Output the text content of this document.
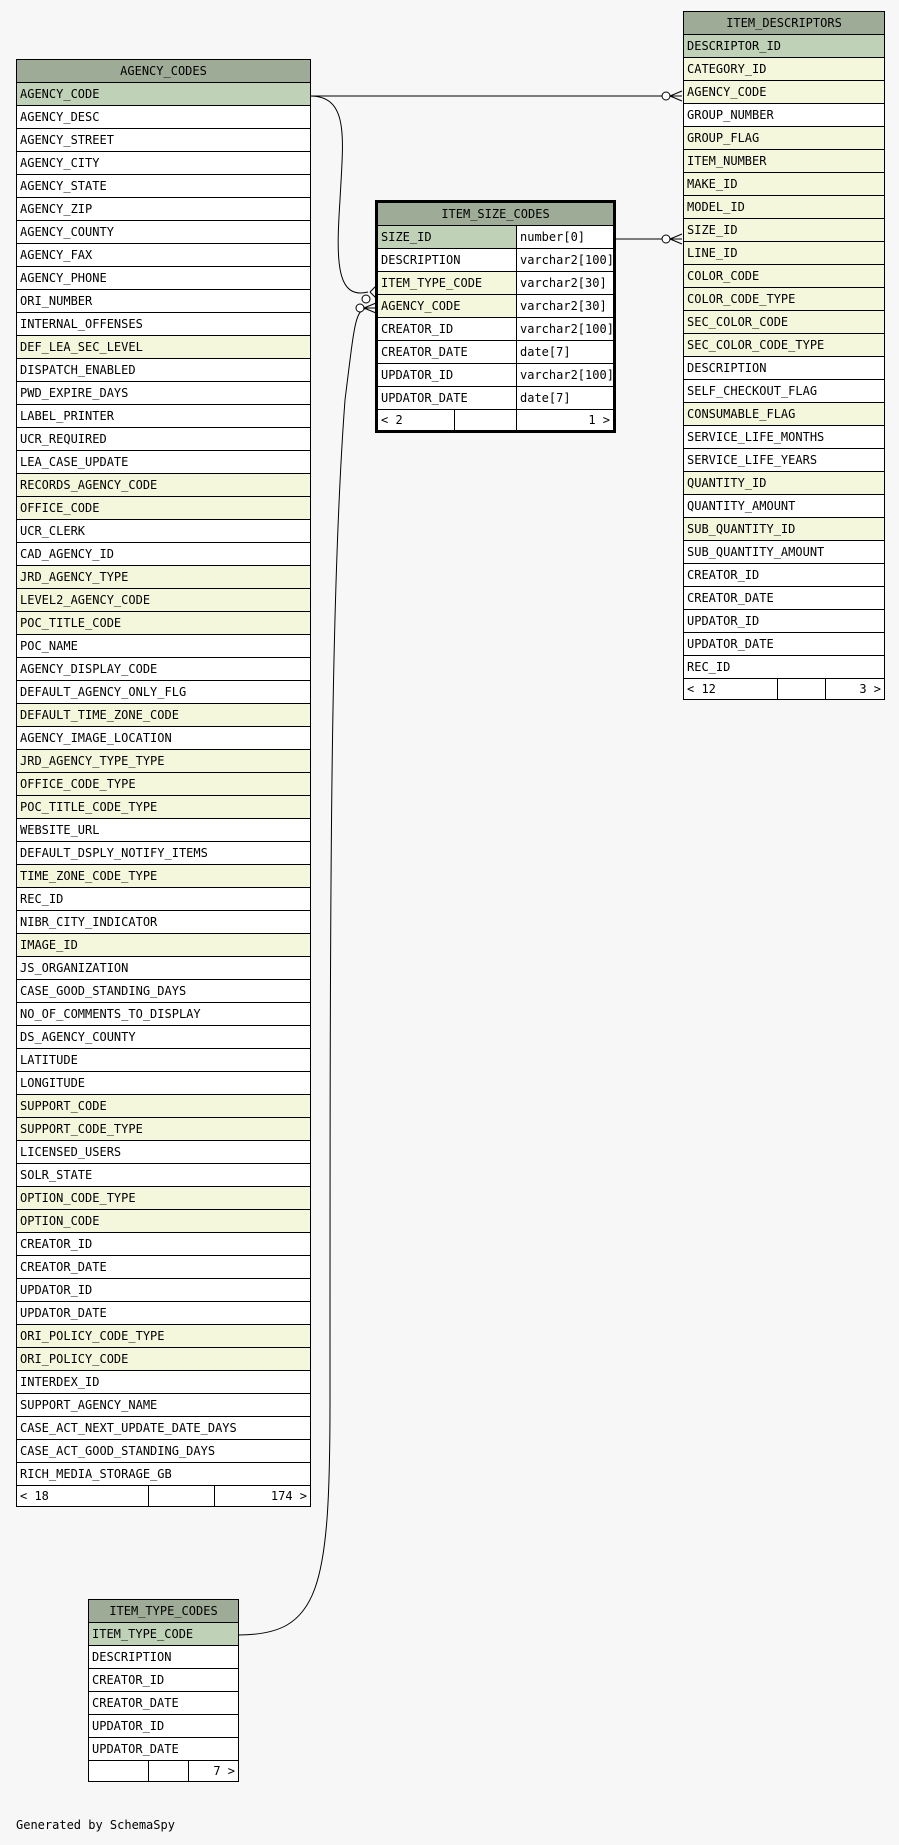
AGENCY_CODES
AGENCY_CODE
AGENCY_DESC
AGENCY_STREET
AGENCY_CITY
AGENCY_STATE
AGENCY_ZIP
AGENCY_COUNTY
AGENCY_FAX
AGENCY_PHONE
ORI_NUMBER
INTERNAL_OFFENSES
DEF_LEA_SEC_LEVEL
DISPATCH_ENABLED
PWD_EXPIRE_DAYS
LABEL_PRINTER
UCR_REQUIRED
LEA_CASE_UPDATE
RECORDS_AGENCY_CODE
OFFICE_CODE
UCR_CLERK
CAD_AGENCY_ID
JRD_AGENCY_TYPE
LEVEL2_AGENCY_CODE
POC_TITLE_CODE
POC_NAME
AGENCY_DISPLAY_CODE
DEFAULT_AGENCY_ONLY_FLG
DEFAULT_TIME_ZONE_CODE
AGENCY_IMAGE_LOCATION
JRD_AGENCY_TYPE_TYPE
OFFICE_CODE_TYPE
POC_TITLE_CODE_TYPE
WEBSITE_URL
DEFAULT_DSPLY_NOTIFY_ITEMS
TIME_ZONE_CODE_TYPE
REC_ID
NIBR_CITY_INDICATOR
IMAGE_ID
JS_ORGANIZATION
CASE_GOOD_STANDING_DAYS
NO_OF_COMMENTS_TO_DISPLAY
DS_AGENCY_COUNTY
LATITUDE
LONGITUDE
SUPPORT_CODE
SUPPORT_CODE_TYPE
LICENSED_USERS
SOLR_STATE
OPTION_CODE_TYPE
OPTION_CODE
CREATOR_ID
CREATOR_DATE
UPDATOR_ID
UPDATOR_DATE
ORI_POLICY_CODE_TYPE
ORI_POLICY_CODE
INTERDEX_ID
SUPPORT_AGENCY_NAME
CASE_ACT_NEXT_UPDATE_DATE_DAYS
CASE_ACT_GOOD_STANDING_DAYS
RICH_MEDIA_STORAGE_GB
< 18		174 >
ITEM_DESCRIPTORS
DESCRIPTOR_ID
CATEGORY_ID
AGENCY_CODE
GROUP_NUMBER
GROUP_FLAG
ITEM_NUMBER
MAKE_ID
MODEL_ID
SIZE_ID
LINE_ID
COLOR_CODE
COLOR_CODE_TYPE
SEC_COLOR_CODE
SEC_COLOR_CODE_TYPE
DESCRIPTION
SELF_CHECKOUT_FLAG
CONSUMABLE_FLAG
SERVICE_LIFE_MONTHS
SERVICE_LIFE_YEARS
QUANTITY_ID
QUANTITY_AMOUNT
SUB_QUANTITY_ID
SUB_QUANTITY_AMOUNT
CREATOR_ID
CREATOR_DATE
UPDATOR_ID
UPDATOR_DATE
REC_ID
< 12		3 >
ITEM_SIZE_CODES		
SIZE_ID		number[0]
DESCRIPTION		varchar2[100]
ITEM_TYPE_CODE		varchar2[30]
AGENCY_CODE		varchar2[30]
CREATOR_ID		varchar2[100]
CREATOR_DATE		date[7]
UPDATOR_ID		varchar2[100]
UPDATOR_DATE		date[7]
< 2		1 >
ITEM_TYPE_CODES
ITEM_TYPE_CODE
DESCRIPTION
CREATOR_ID
CREATOR_DATE
UPDATOR_ID
UPDATOR_DATE
		7 >
Generated by SchemaSpy
